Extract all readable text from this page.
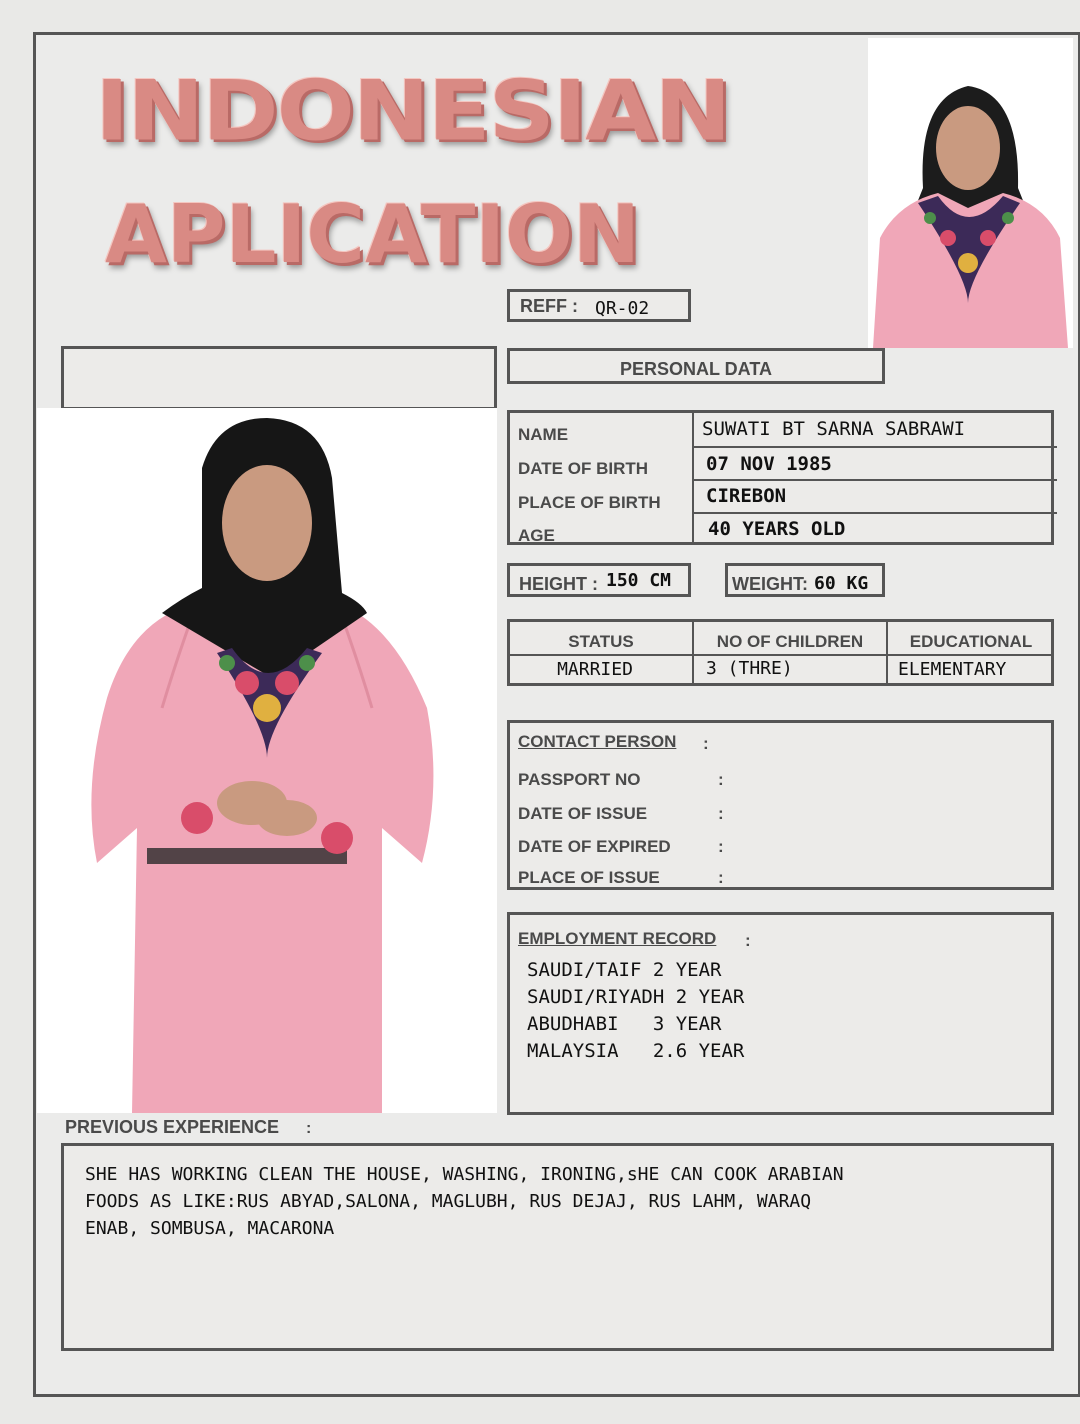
INDONESIAN
APLICATION
REFF : QR-02
PERSONAL DATA
NAME	SUWATI BT SARNA SABRAWI
DATE OF BIRTH	07 NOV 1985
PLACE OF BIRTH CIREBON
AGE	40 YEARS OLD
HEIGHT : 150 CM	WEIGHT: 60 KG
STATUS	NO OF CHILDREN	EDUCATIONAL
MARRIED	3 (THRE)	ELEMENTARY
CONTACT PERSON :
PASSPORT NO	:
DATE OF ISSUE	:
DATE OF EXPIRED	:
PLACE OF ISSUE	:
EMPLOYMENT RECORD :
SAUDI/TAIF 2 YEAR
SAUDI/RIYADH 2 YEAR
ABUDHABI   3 YEAR
MALAYSIA   2.6 YEAR
PREVIOUS EXPERIENCE :
SHE HAS WORKING CLEAN THE HOUSE, WASHING, IRONING,sHE CAN COOK ARABIAN
FOODS AS LIKE:RUS ABYAD,SALONA, MAGLUBH, RUS DEJAJ, RUS LAHM, WARAQ
ENAB, SOMBUSA, MACARONA
